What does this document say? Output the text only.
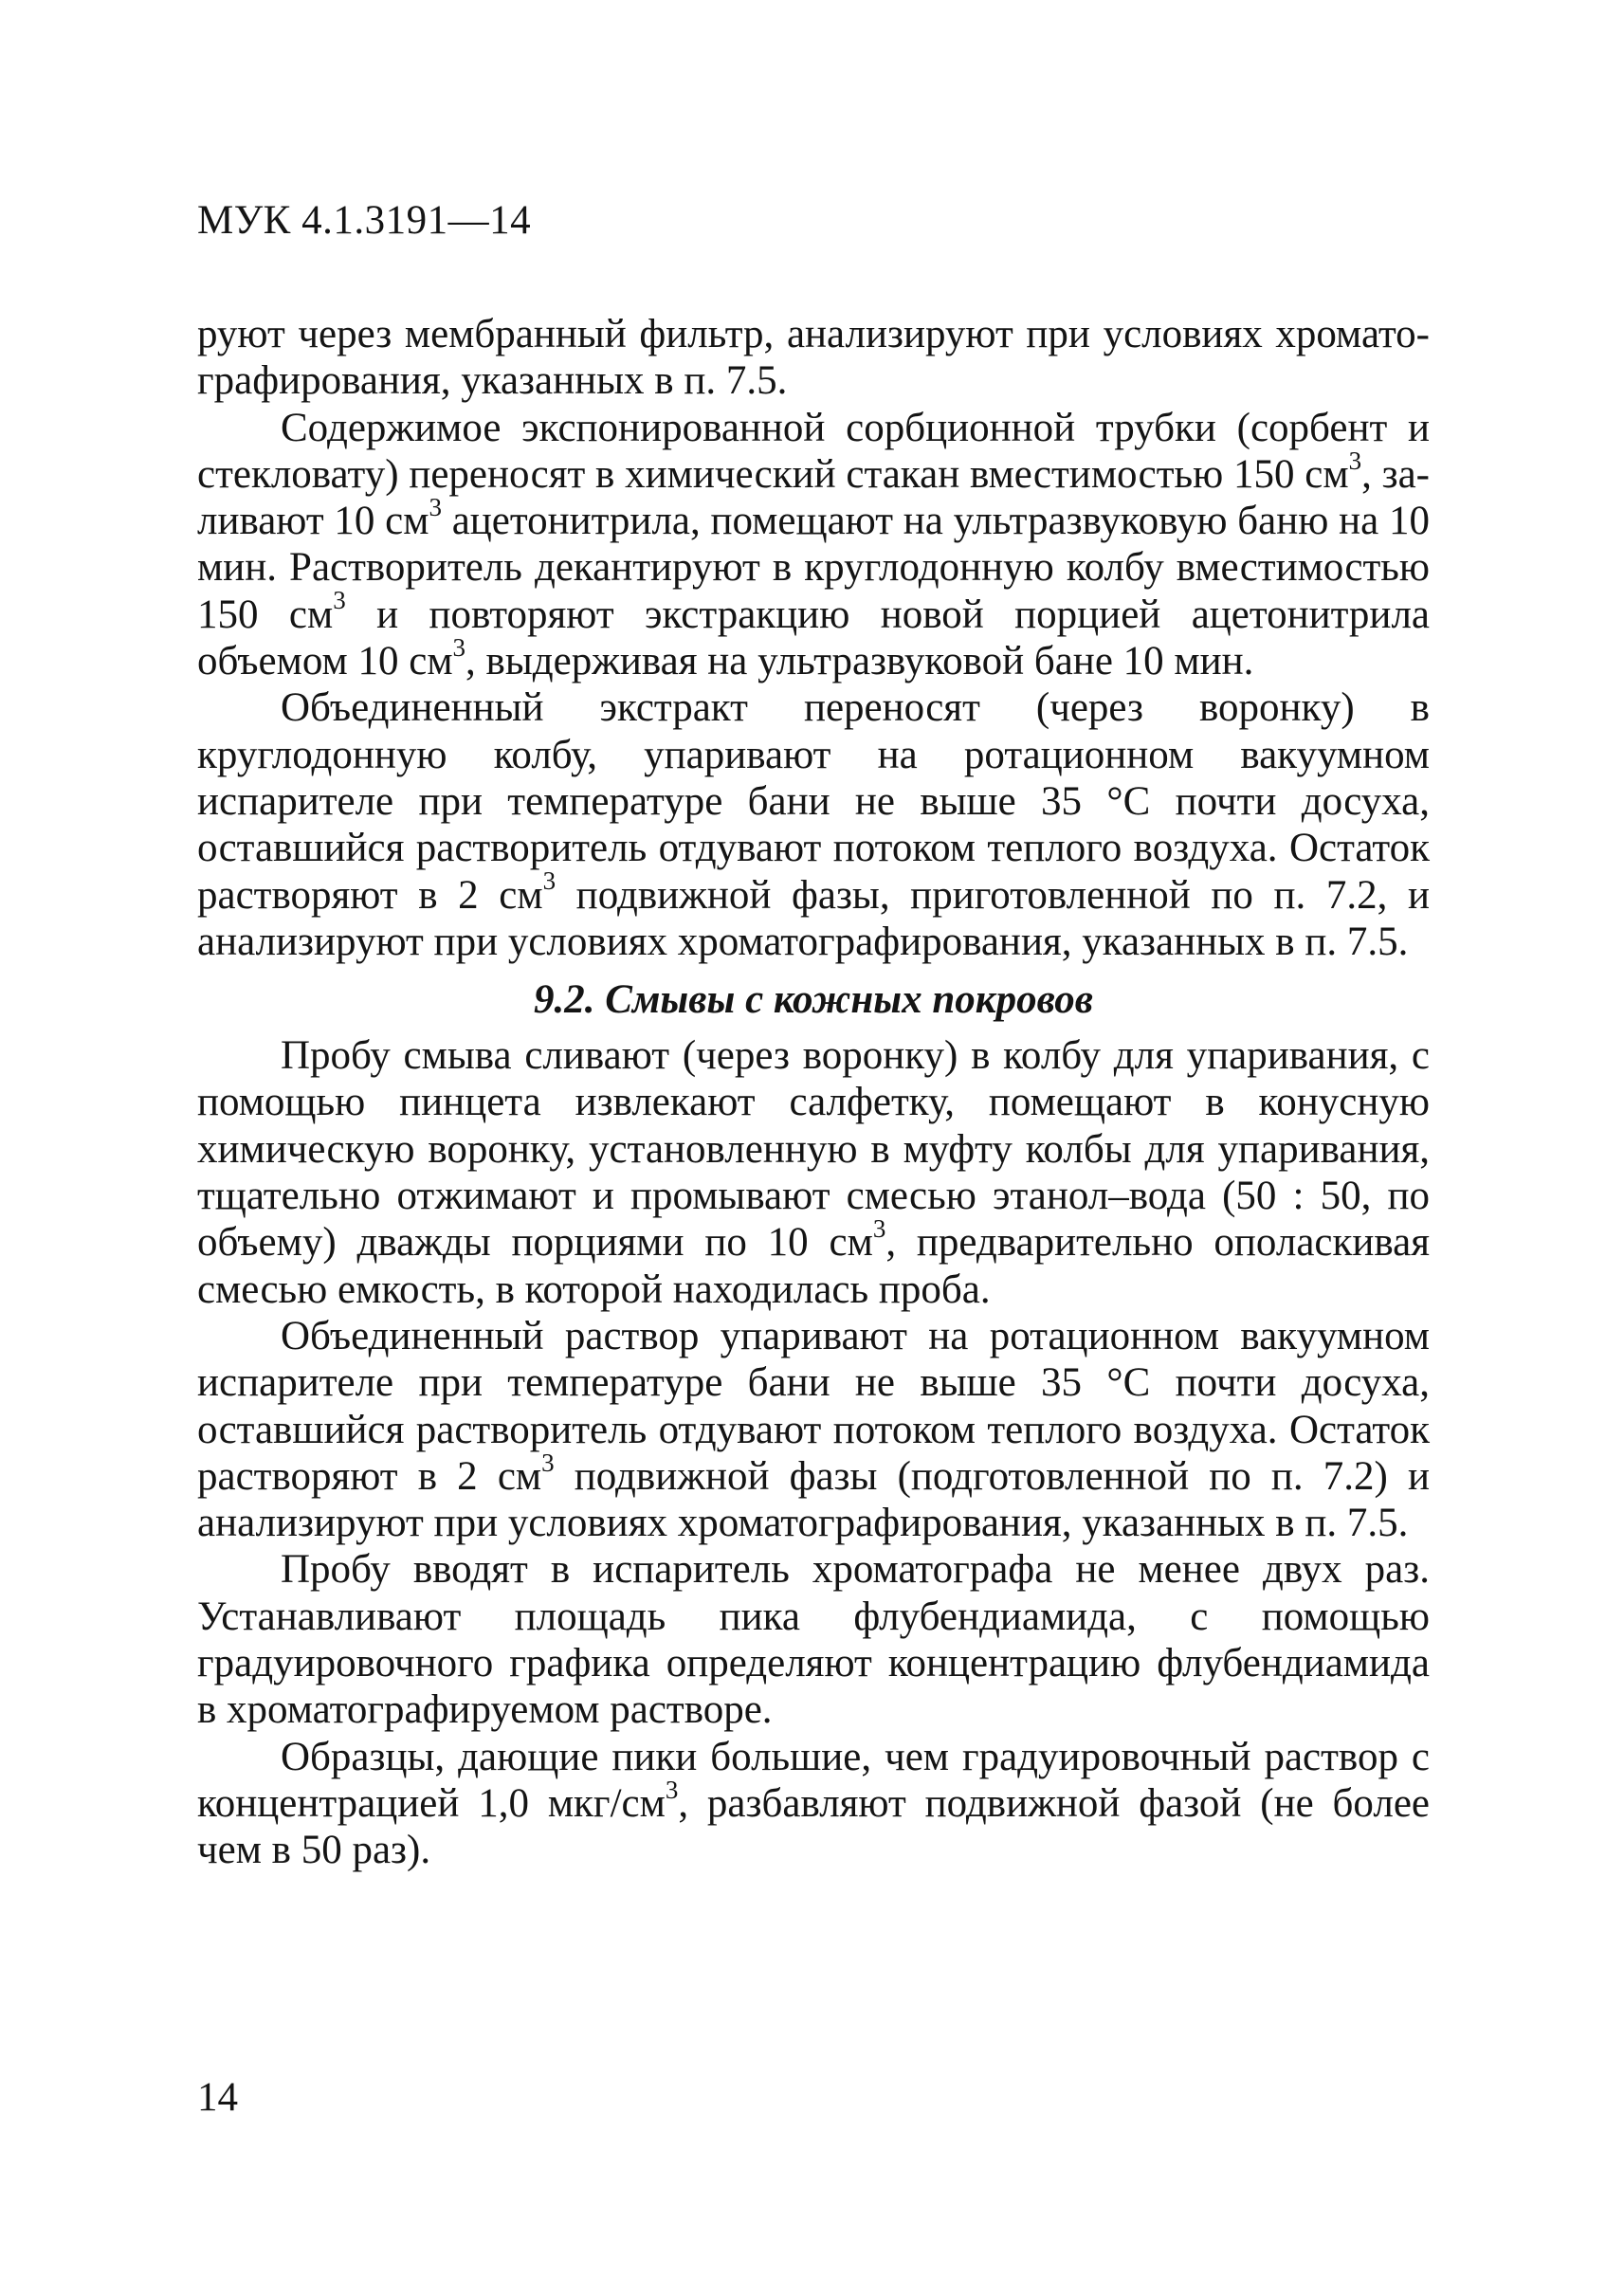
МУК 4.1.3191—14

руют через мембранный фильтр, анализируют при условиях хроматографирования, указанных в п. 7.5.

Содержимое экспонированной сорбционной трубки (сорбент и стекловату) переносят в химический стакан вместимостью 150 $см^3$, заливают 10 $см^3$ ацетонитрила, помещают на ультразвуковую баню на 10 мин. Растворитель декантируют в круглодонную колбу вместимостью 150 $см^3$ и повторяют экстракцию новой порцией ацетонитрила объемом 10 $см^3$, выдерживая на ультразвуковой бане 10 мин.

Объединенный экстракт переносят (через воронку) в круглодонную колбу, упаривают на ротационном вакуумном испарителе при температуре бани не выше 35 °С почти досуха, оставшийся растворитель отдувают потоком теплого воздуха. Остаток растворяют в 2 $см^3$ подвижной фазы, приготовленной по п. 7.2, и анализируют при условиях хроматографирования, указанных в п. 7.5.

9.2. Смывы с кожных покровов

Пробу смыва сливают (через воронку) в колбу для упаривания, с помощью пинцета извлекают салфетку, помещают в конусную химическую воронку, установленную в муфту колбы для упаривания, тщательно отжимают и промывают смесью этанол–вода (50 : 50, по объему) дважды порциями по 10 $см^3$, предварительно ополаскивая смесью емкость, в которой находилась проба.

Объединенный раствор упаривают на ротационном вакуумном испарителе при температуре бани не выше 35 °С почти досуха, оставшийся растворитель отдувают потоком теплого воздуха. Остаток растворяют в 2 $см^3$ подвижной фазы (подготовленной по п. 7.2) и анализируют при условиях хроматографирования, указанных в п. 7.5.

Пробу вводят в испаритель хроматографа не менее двух раз. Устанавливают площадь пика флубендиамида, с помощью градуировочного графика определяют концентрацию флубендиамида в хроматографируемом растворе.

Образцы, дающие пики большие, чем градуировочный раствор с концентрацией 1,0 мкг/$см^3$, разбавляют подвижной фазой (не более чем в 50 раз).

14
